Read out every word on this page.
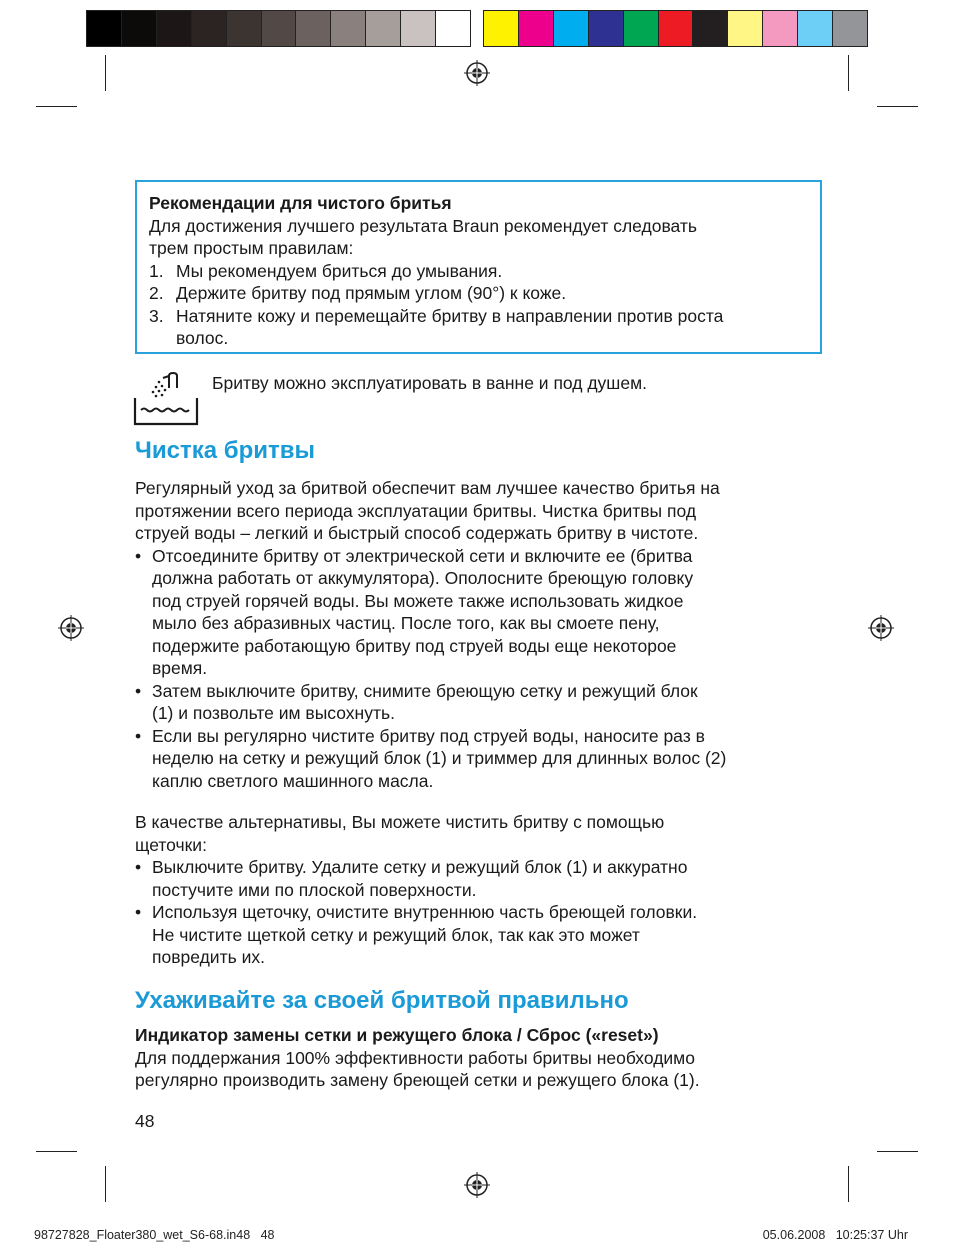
Рекомендации для чистого бритья
Для достижения лучшего результата Braun рекомендует следовать
трем простым правилам:
1. Мы рекомендуем бриться до умывания.
2. Держите бритву под прямым углом (90°) к коже.
3. Натяните кожу и перемещайте бритву в направлении против роста
волос.
Бритву можно эксплуатировать в ванне и под душем.
Чистка бритвы

Регулярный уход за бритвой обеспечит вам лучшее качество бритья на
протяжении всего периода эксплуатации бритвы. Чистка бритвы под
струей воды – легкий и быстрый способ содержать бритву в чистоте.

• Отсоедините бритву от электрической сети и включите ее (бритва
должна работать от аккумулятора). Ополосните бреющую головку
под струей горячей воды. Вы можете также использовать жидкое
мыло без абразивных частиц. После того, как вы смоете пену,
подержите работающую бритву под струей воды еще некоторое
время.
• Затем выключите бритву, снимите бреющую сетку и режущий блок
(1) и позвольте им высохнуть.
• Если вы регулярно чистите бритву под струей воды, наносите раз в
неделю на сетку и режущий блок (1) и триммер для длинных волос (2)
каплю светлого машинного масла.

В качестве альтернативы, Вы можете чистить бритву с помощью
щеточки:

• Выключите бритву. Удалите сетку и режущий блок (1) и аккуратно
постучите ими по плоской поверхности.
• Используя щеточку, очистите внутреннюю часть бреющей головки.
Не чистите щеткой сетку и режущий блок, так как это может
повредить их.
Ухаживайте за своей бритвой правильно

Индикатор замены сетки и режущего блока / Сброс («reset»)

Для поддержания 100% эффективности работы бритвы необходимо
регулярно производить замену бреющей сетки и режущего блока (1).

48
98727828_Floater380_wet_S6-68.in48   48	05.06.2008   10:25:37 Uhr
